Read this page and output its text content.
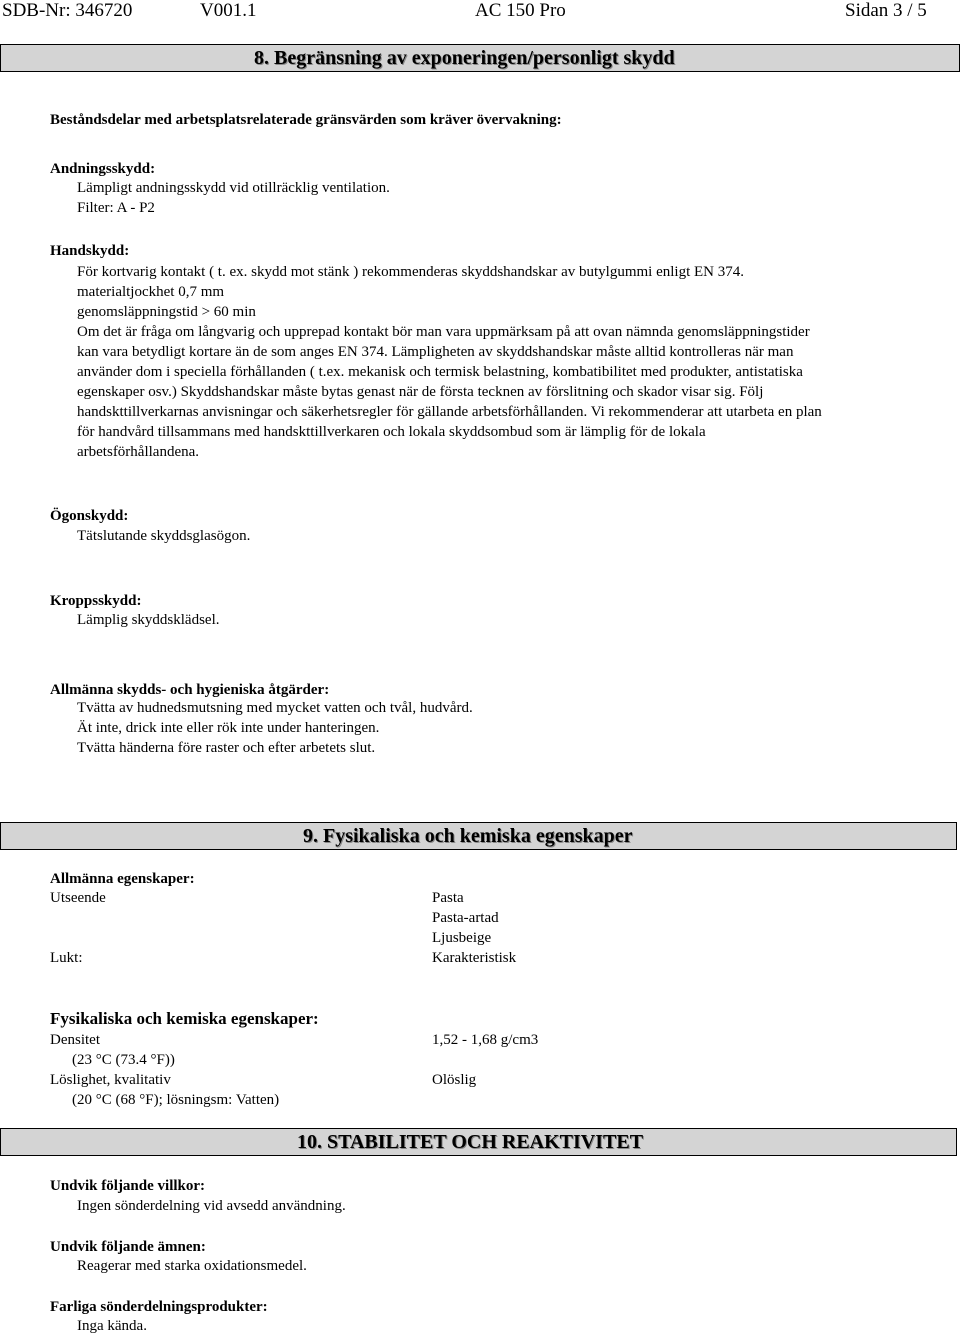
SDB-Nr: 346720	V001.1	AC 150 Pro	Sidan 3 / 5
8. Begränsning av exponeringen/personligt skydd
Beståndsdelar med arbetsplatsrelaterade gränsvärden som kräver övervakning:
Andningsskydd:
Lämpligt andningsskydd vid otillräcklig ventilation.
Filter: A - P2
Handskydd:
För kortvarig kontakt ( t. ex. skydd mot stänk ) rekommenderas skyddshandskar av butylgummi enligt EN 374.
materialtjockhet 0,7 mm
genomsläppningstid > 60 min
Om det är fråga om långvarig och upprepad kontakt bör man vara uppmärksam på att ovan nämnda genomsläppningstider
kan vara betydligt kortare än de som anges EN 374. Lämpligheten av skyddshandskar måste alltid kontrolleras när man
använder dom i speciella förhållanden ( t.ex. mekanisk och termisk belastning, kombatibilitet med produkter, antistatiska
egenskaper osv.) Skyddshandskar måste bytas genast när de första tecknen av förslitning och skador visar sig. Följ
handskttillverkarnas anvisningar och säkerhetsregler för gällande arbetsförhållanden. Vi rekommenderar att utarbeta en plan
för handvård tillsammans med handskttillverkaren och lokala skyddsombud som är lämplig för de lokala
arbetsförhållandena.
Ögonskydd:
Tätslutande skyddsglasögon.
Kroppsskydd:
Lämplig skyddsklädsel.
Allmänna skydds- och hygieniska åtgärder:
Tvätta av hudnedsmutsning med mycket vatten och tvål, hudvård.
Ät inte, drick inte eller rök inte under hanteringen.
Tvätta händerna före raster och efter arbetets slut.
9. Fysikaliska och kemiska egenskaper
Allmänna egenskaper:
Utseende	Pasta
Pasta-artad
Ljusbeige
Lukt:	Karakteristisk
Fysikaliska och kemiska egenskaper:
Densitet	1,52 - 1,68 g/cm3
(23 °C (73.4 °F))
Löslighet, kvalitativ	Olöslig
(20 °C (68 °F); lösningsm: Vatten)
10. STABILITET OCH REAKTIVITET
Undvik följande villkor:
Ingen sönderdelning vid avsedd användning.
Undvik följande ämnen:
Reagerar med starka oxidationsmedel.
Farliga sönderdelningsprodukter:
Inga kända.
